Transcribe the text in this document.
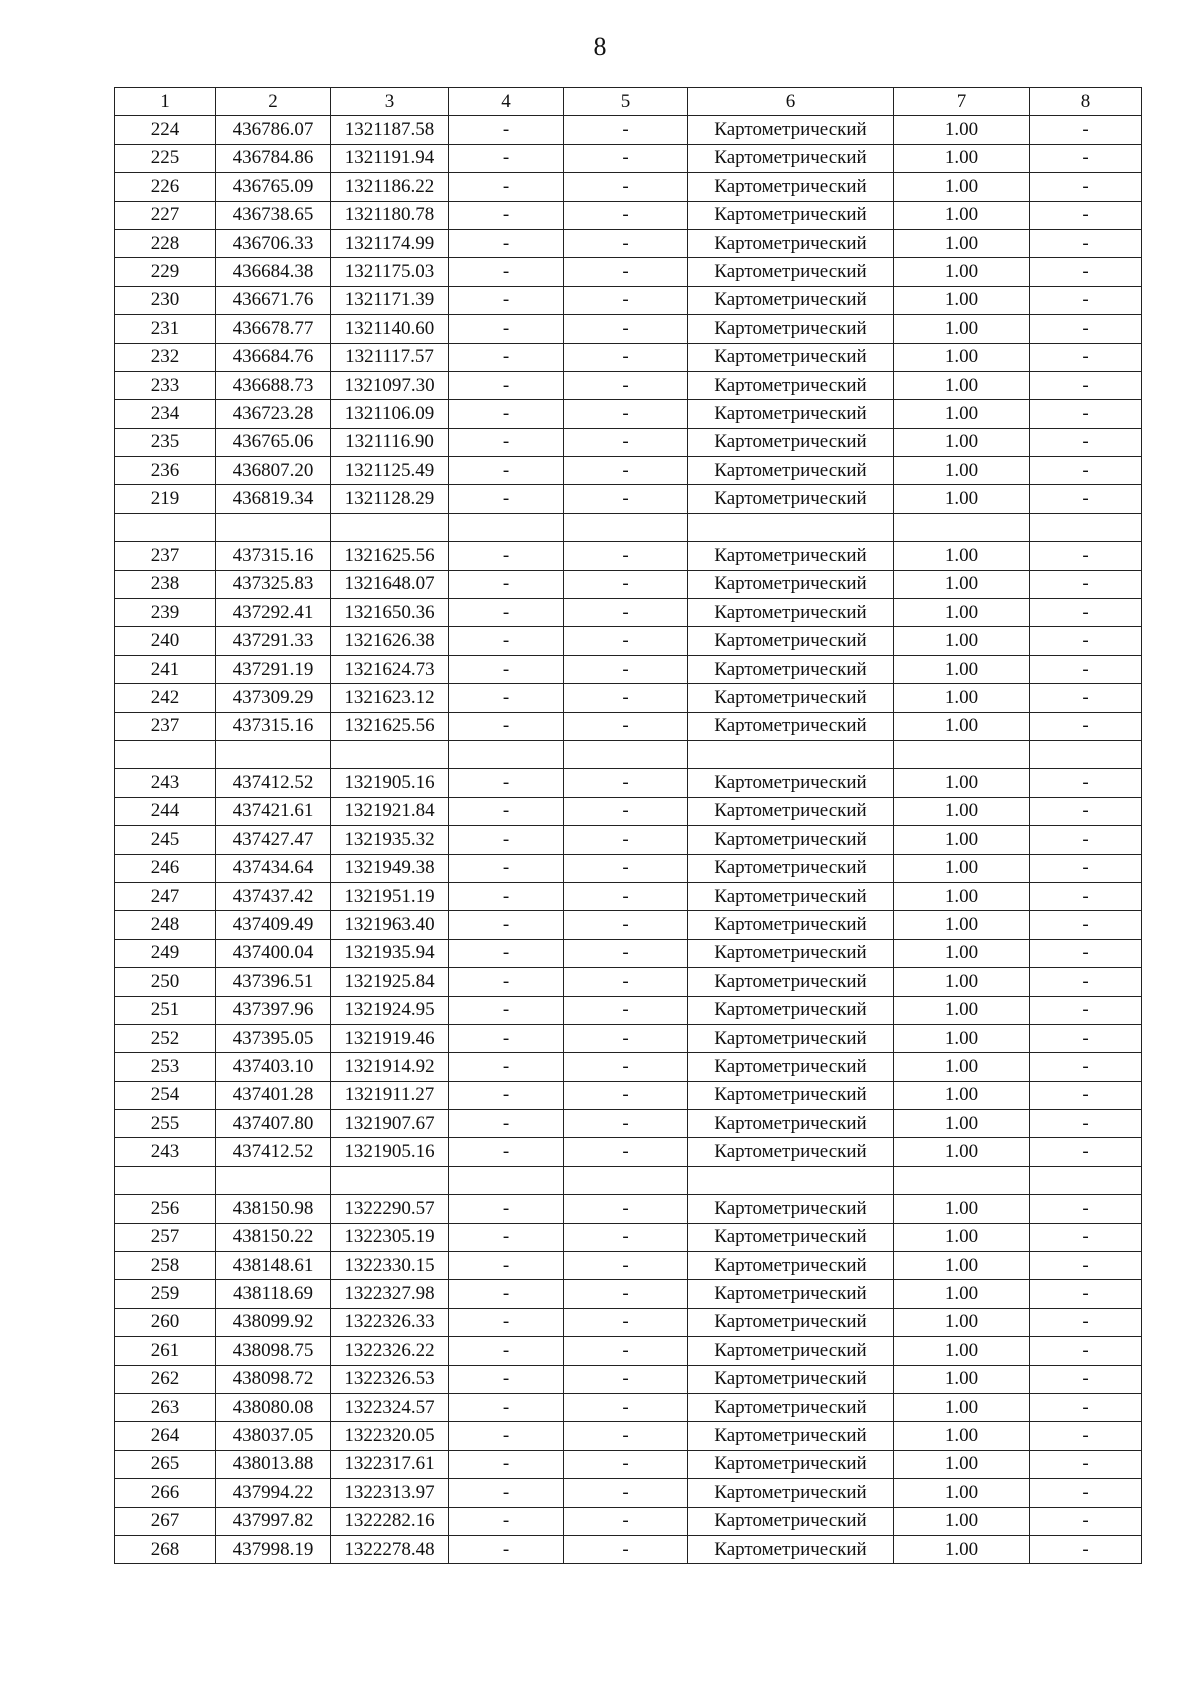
8
1	2	3	4	5	6	7	8
224	436786.07	1321187.58	-	-	Картометрический	1.00	-
225	436784.86	1321191.94	-	-	Картометрический	1.00	-
226	436765.09	1321186.22	-	-	Картометрический	1.00	-
227	436738.65	1321180.78	-	-	Картометрический	1.00	-
228	436706.33	1321174.99	-	-	Картометрический	1.00	-
229	436684.38	1321175.03	-	-	Картометрический	1.00	-
230	436671.76	1321171.39	-	-	Картометрический	1.00	-
231	436678.77	1321140.60	-	-	Картометрический	1.00	-
232	436684.76	1321117.57	-	-	Картометрический	1.00	-
233	436688.73	1321097.30	-	-	Картометрический	1.00	-
234	436723.28	1321106.09	-	-	Картометрический	1.00	-
235	436765.06	1321116.90	-	-	Картометрический	1.00	-
236	436807.20	1321125.49	-	-	Картометрический	1.00	-
219	436819.34	1321128.29	-	-	Картометрический	1.00	-

237	437315.16	1321625.56	-	-	Картометрический	1.00	-
238	437325.83	1321648.07	-	-	Картометрический	1.00	-
239	437292.41	1321650.36	-	-	Картометрический	1.00	-
240	437291.33	1321626.38	-	-	Картометрический	1.00	-
241	437291.19	1321624.73	-	-	Картометрический	1.00	-
242	437309.29	1321623.12	-	-	Картометрический	1.00	-
237	437315.16	1321625.56	-	-	Картометрический	1.00	-

243	437412.52	1321905.16	-	-	Картометрический	1.00	-
244	437421.61	1321921.84	-	-	Картометрический	1.00	-
245	437427.47	1321935.32	-	-	Картометрический	1.00	-
246	437434.64	1321949.38	-	-	Картометрический	1.00	-
247	437437.42	1321951.19	-	-	Картометрический	1.00	-
248	437409.49	1321963.40	-	-	Картометрический	1.00	-
249	437400.04	1321935.94	-	-	Картометрический	1.00	-
250	437396.51	1321925.84	-	-	Картометрический	1.00	-
251	437397.96	1321924.95	-	-	Картометрический	1.00	-
252	437395.05	1321919.46	-	-	Картометрический	1.00	-
253	437403.10	1321914.92	-	-	Картометрический	1.00	-
254	437401.28	1321911.27	-	-	Картометрический	1.00	-
255	437407.80	1321907.67	-	-	Картометрический	1.00	-
243	437412.52	1321905.16	-	-	Картометрический	1.00	-

256	438150.98	1322290.57	-	-	Картометрический	1.00	-
257	438150.22	1322305.19	-	-	Картометрический	1.00	-
258	438148.61	1322330.15	-	-	Картометрический	1.00	-
259	438118.69	1322327.98	-	-	Картометрический	1.00	-
260	438099.92	1322326.33	-	-	Картометрический	1.00	-
261	438098.75	1322326.22	-	-	Картометрический	1.00	-
262	438098.72	1322326.53	-	-	Картометрический	1.00	-
263	438080.08	1322324.57	-	-	Картометрический	1.00	-
264	438037.05	1322320.05	-	-	Картометрический	1.00	-
265	438013.88	1322317.61	-	-	Картометрический	1.00	-
266	437994.22	1322313.97	-	-	Картометрический	1.00	-
267	437997.82	1322282.16	-	-	Картометрический	1.00	-
268	437998.19	1322278.48	-	-	Картометрический	1.00	-
